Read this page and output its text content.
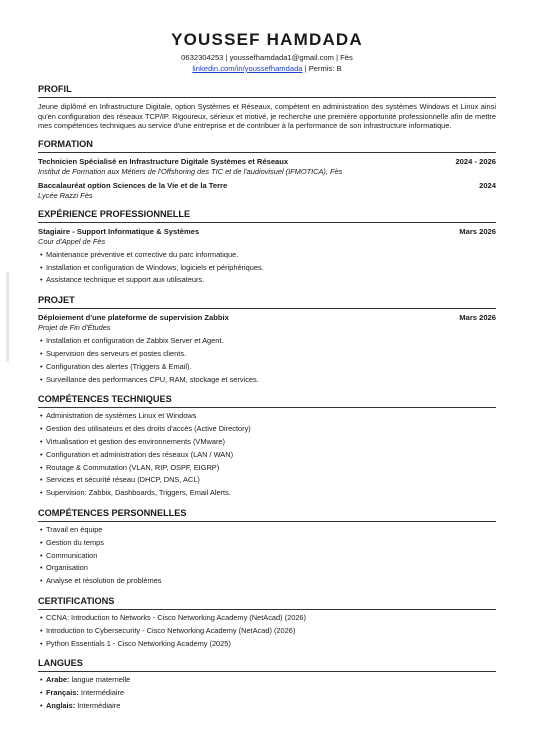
YOUSSEF HAMDADA
0632304253 | youssefhamdada1@gmail.com | Fès
linkedin.com/in/youssefhamdada | Permis: B
PROFIL
Jeune diplômé en Infrastructure Digitale, option Systèmes et Réseaux, compétent en administration des systèmes Windows et Linux ainsi qu'en configuration des réseaux TCP/IP. Rigoureux, sérieux et motivé, je recherche une première opportunité professionnelle afin de mettre mes compétences techniques au service d'une entreprise et de contribuer à la performance de son infrastructure informatique.
FORMATION
Technicien Spécialisé en Infrastructure Digitale Systèmes et Réseaux	2024 - 2026
Institut de Formation aux Métiers de l'Offshoring des TIC et de l'audiovisuel (IFMOTICA), Fès
Baccalauréat option Sciences de la Vie et de la Terre	2024
Lycée Razzi Fès
EXPÉRIENCE PROFESSIONNELLE
Stagiaire - Support Informatique & Systèmes	Mars 2026
Cour d'Appel de Fès
• Maintenance préventive et corrective du parc informatique.
• Installation et configuration de Windows, logiciels et périphériques.
• Assistance technique et support aux utilisateurs.
PROJET
Déploiement d'une plateforme de supervision Zabbix	Mars 2026
Projet de Fin d'Études
• Installation et configuration de Zabbix Server et Agent.
• Supervision des serveurs et postes clients.
• Configuration des alertes (Triggers & Email).
• Surveillance des performances CPU, RAM, stockage et services.
COMPÉTENCES TECHNIQUES
• Administration de systèmes Linux et Windows
• Gestion des utilisateurs et des droits d'accès (Active Directory)
• Virtualisation et gestion des environnements (VMware)
• Configuration et administration des réseaux (LAN / WAN)
• Routage & Commutation (VLAN, RIP, OSPF, EIGRP)
• Services et sécurité réseau (DHCP, DNS, ACL)
• Supervision: Zabbix, Dashboards, Triggers, Email Alerts.
COMPÉTENCES PERSONNELLES
• Travail en équipe
• Gestion du temps
• Communication
• Organisation
• Analyse et résolution de problèmes
CERTIFICATIONS
• CCNA: Introduction to Networks - Cisco Networking Academy (NetAcad) (2026)
• Introduction to Cybersecurity - Cisco Networking Academy (NetAcad) (2026)
• Python Essentials 1 - Cisco Networking Academy (2025)
LANGUES
• Arabe: langue maternelle
• Français: Intermédiaire
• Anglais: Intermédiaire
